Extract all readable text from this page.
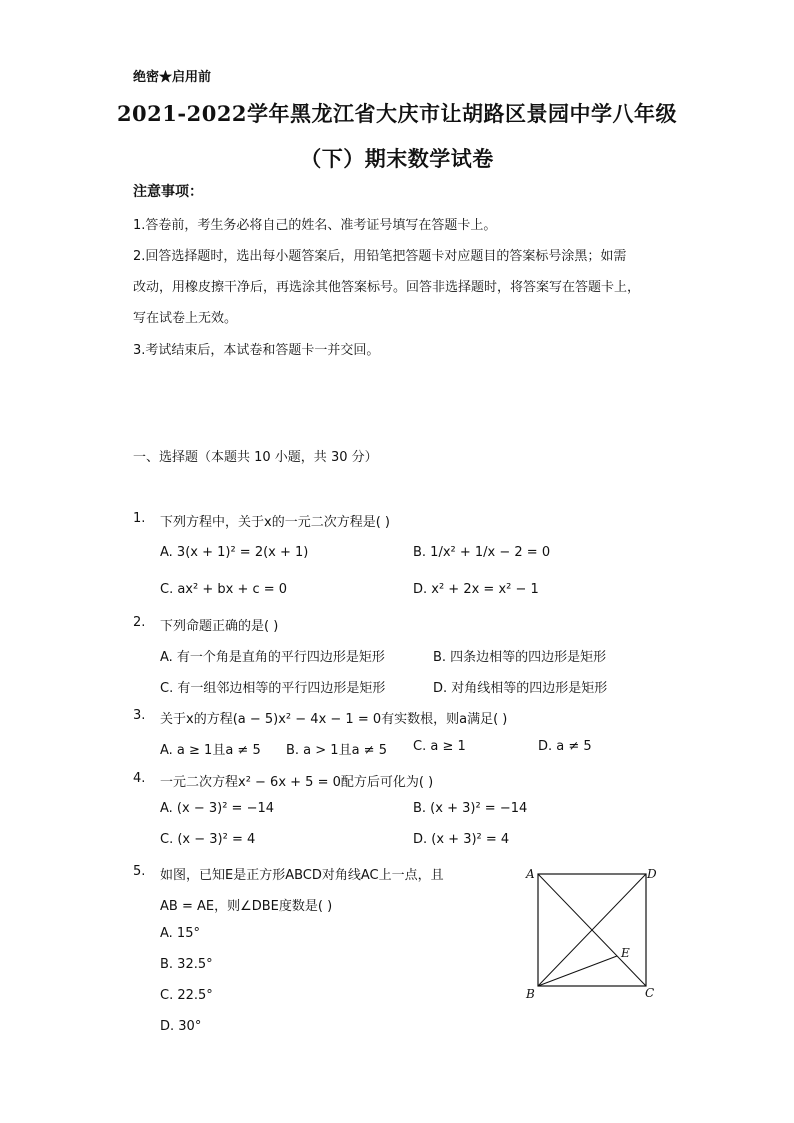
绝密★启用前
2021-2022学年黑龙江省大庆市让胡路区景园中学八年级
（下）期末数学试卷
注意事项：
1.答卷前，考生务必将自己的姓名、准考证号填写在答题卡上。
2.回答选择题时，选出每小题答案后，用铅笔把答题卡对应题目的答案标号涂黑；如需
改动，用橡皮擦干净后，再选涂其他答案标号。回答非选择题时，将答案写在答题卡上，
写在试卷上无效。
3.考试结束后，本试卷和答题卡一并交回。
一、选择题（本题共 10 小题，共 30 分）
1. 下列方程中，关于x的一元二次方程是( )
A. 3(x + 1)² = 2(x + 1)	B. 1/x² + 1/x − 2 = 0
C. ax² + bx + c = 0	D. x² + 2x = x² − 1
2. 下列命题正确的是( )
A. 有一个角是直角的平行四边形是矩形	B. 四条边相等的四边形是矩形
C. 有一组邻边相等的平行四边形是矩形	D. 对角线相等的四边形是矩形
3. 关于x的方程(a − 5)x² − 4x − 1 = 0有实数根，则a满足( )
A. a ≥ 1且a ≠ 5 B. a > 1且a ≠ 5 C. a ≥ 1	D. a ≠ 5
4. 一元二次方程x² − 6x + 5 = 0配方后可化为( )
A. (x − 3)² = −14	B. (x + 3)² = −14
C. (x − 3)² = 4	D. (x + 3)² = 4
5. 如图，已知E是正方形ABCD对角线AC上一点，且
AB = AE，则∠DBE度数是( )
A. 15°
B. 32.5°
C. 22.5°
D. 30°
A	D
B	C
E
